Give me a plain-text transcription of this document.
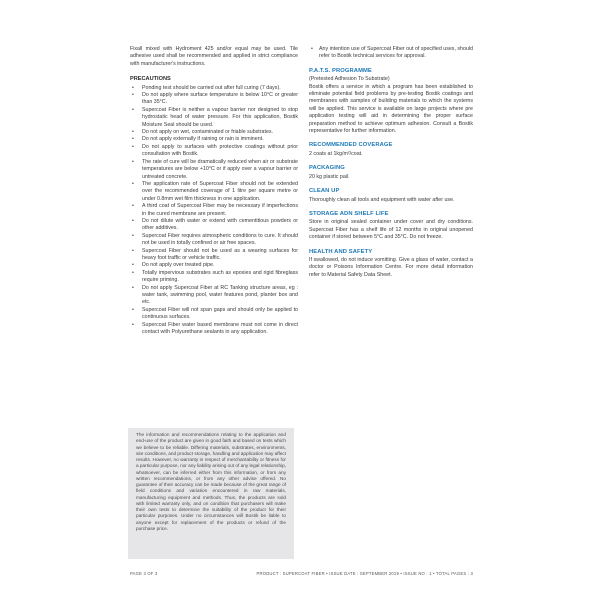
Fixall mixed with Hydroment 425 and/or equal may be used. Tile adhesive used shall be recommended and applied in strict compliance with manufacturer's instructions.

PRECAUTIONS
• Ponding test should be carried out after full curing (7 days).
• Do not apply where surface temperature is below 10°C or greater than 35°C.
• Supercoat Fiber is neither a vapour barrier nor designed to stop hydrostatic head of water pressure. For this application, Bostik Moisture Seal should be used.
• Do not apply on wet, contaminated or friable substrates.
• Do not apply externally if raining or rain is imminent.
• Do not apply to surfaces with protective coatings without prior consultation with Bostik.
• The rate of cure will be dramatically reduced when air or substrate temperatures are below +10°C or if apply over a vapour barrier or untreated concrete.
• The application rate of Supercoat Fiber should not be extended over the recommended coverage of 1 litre per square metre or under 0.8mm wet film thickness in one application.
• A third coat of Supercoat Fiber may be necessary if imperfections in the cured membrane are present.
• Do not dilute with water or extend with cementitious powders or other additives.
• Supercoat Fiber requires atmospheric conditions to cure. It should not be used in totally confined or air free spaces.
• Supercoat Fiber should not be used as a wearing surfaces for heavy foot traffic or vehicle traffic.
• Do not apply over treated pipe.
• Totally impervious substrates such as epoxies and rigid fibreglass require priming.
• Do not apply Supercoat Fiber at RC Tanking structure areas, eg : water tank, swimming pool, water features pond, planter box and etc.
• Supercoat Fiber will not span gaps and should only be applied to continuous surfaces.
• Supercoat Fiber water based membrane must not come in direct contact with Polyurethane sealants in any application.
• Any intention use of Supercoat Fiber out of specified uses, should refer to Bostik technical services for approval.
P.A.T.S. PROGRAMME

(Pretested Adhesion To Substrate)

Bostik offers a service in which a program has been established to eliminate potential field problems by pre-testing Bostik coatings and membranes with samples of building materials to which the systems will be applied. This service is available on large projects where pre application testing will aid in determining the proper surface preparation method to achieve optimum adhesion. Consult a Bostik representative for further information.

RECOMMENDED COVERAGE

2 coats at 1kg/m²/coat.

PACKAGING

20 kg plastic pail.

CLEAN UP

Thoroughly clean all tools and equipment with water after use.

STORAGE ADN SHELF LIFE

Store in original sealed container under cover and dry conditions. Supercoat Fiber has a shelf life of 12 months in original unopened container if stored between 5°C and 35°C. Do not freeze.

HEALTH AND SAFETY

If swallowed, do not induce vomitting. Give a glass of water, contact a doctor or Poisons Information Centre. For more detail information refer to Material Safety Data Sheet.

The information and recommendations relating to the application and end-use of the product are given in good faith and based on tests which we believe to be reliable. Differing materials, substrates, environments, site conditions, and product storage, handling and application may affect results. However, no warranty in respect of merchantability or fitness for a particular purpose, nor any liability arising out of any legal relationship, whatsoever, can be inferred either from this information, or from any written recommendations, or from any other advise offered. No guarantee of their accuracy can be made because of the great range of field conditions and variation encountered in raw materials, manufacturing equipment and methods. Thus, the products are sold with limited warranty only, and on condition that purchasers will make their own tests to determine the suitability of the product for their particular purposes. Under no circumstances will Bostik be liable to anyone except for replacement of the products or refund of the purchase price.
PAGE 3 OF 3	PRODUCT : SUPERCOAT FIBER • ISSUE DATE : SEPTEMBER 2019 • ISSUE NO : 1 • TOTAL PAGES : 3
